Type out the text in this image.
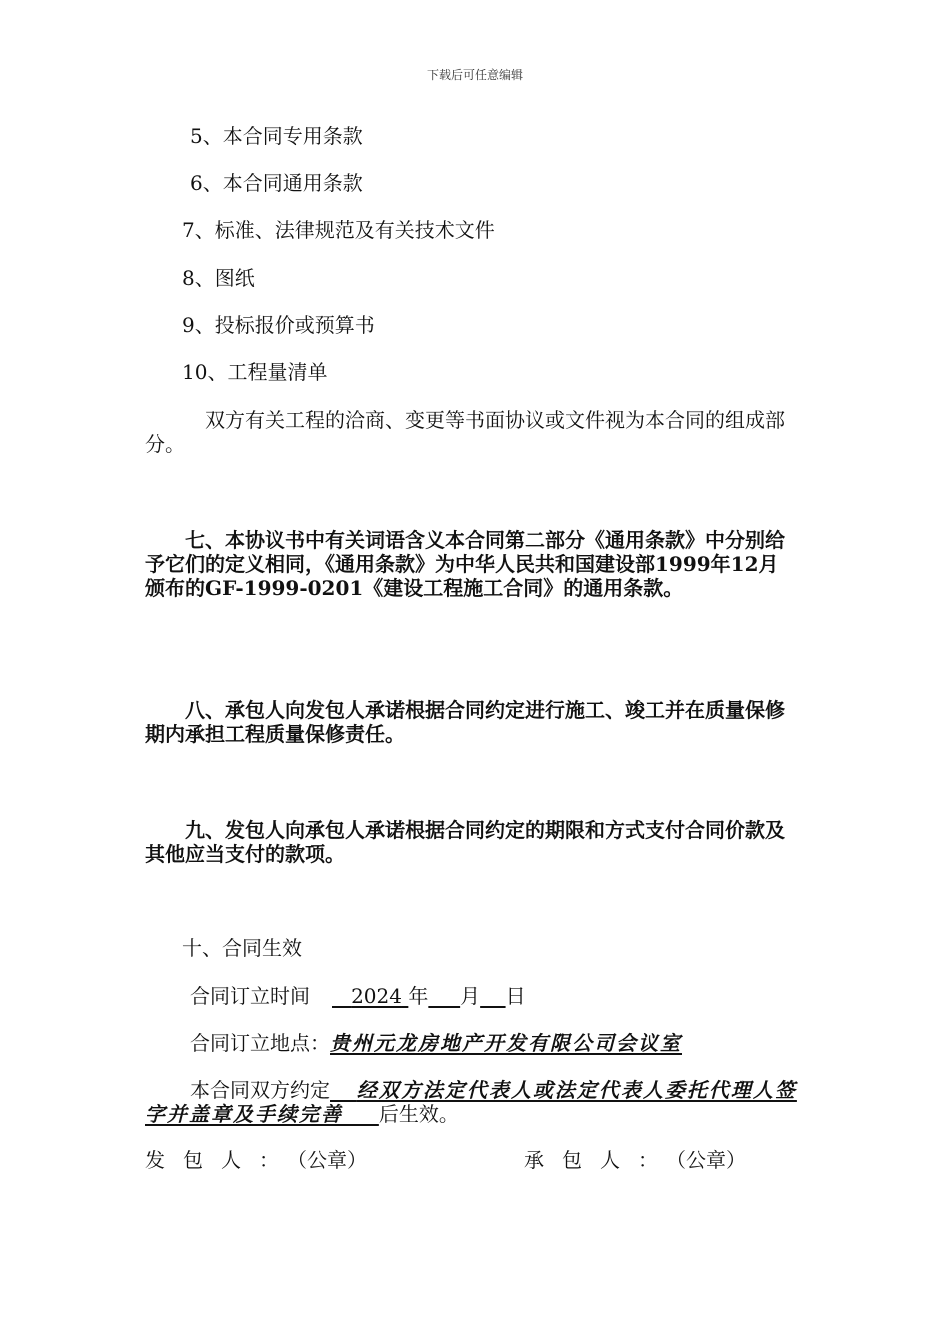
下载后可任意编辑
5、本合同专用条款
6、本合同通用条款
7、标准、法律规范及有关技术文件
8、图纸
9、投标报价或预算书
10、工程量清单
双方有关工程的洽商、变更等书面协议或文件视为本合同的组成部分。
七、本协议书中有关词语含义本合同第二部分《通用条款》中分别给予它们的定义相同，《通用条款》为中华人民共和国建设部1999年12月颁布的GF-1999-0201《建设工程施工合同》的通用条款。
八、承包人向发包人承诺根据合同约定进行施工、竣工并在质量保修期内承担工程质量保修责任。
九、发包人向承包人承诺根据合同约定的期限和方式支付合同价款及其他应当支付的款项。
十、合同生效
合同订立时间 2024 年 月 日
合同订立地点：贵州元龙房地产开发有限公司会议室
本合同双方约定 经双方法定代表人或法定代表人委托代理人签字并盖章及手续完善 后生效。
发包人：（公章）	承包人：（公章）
